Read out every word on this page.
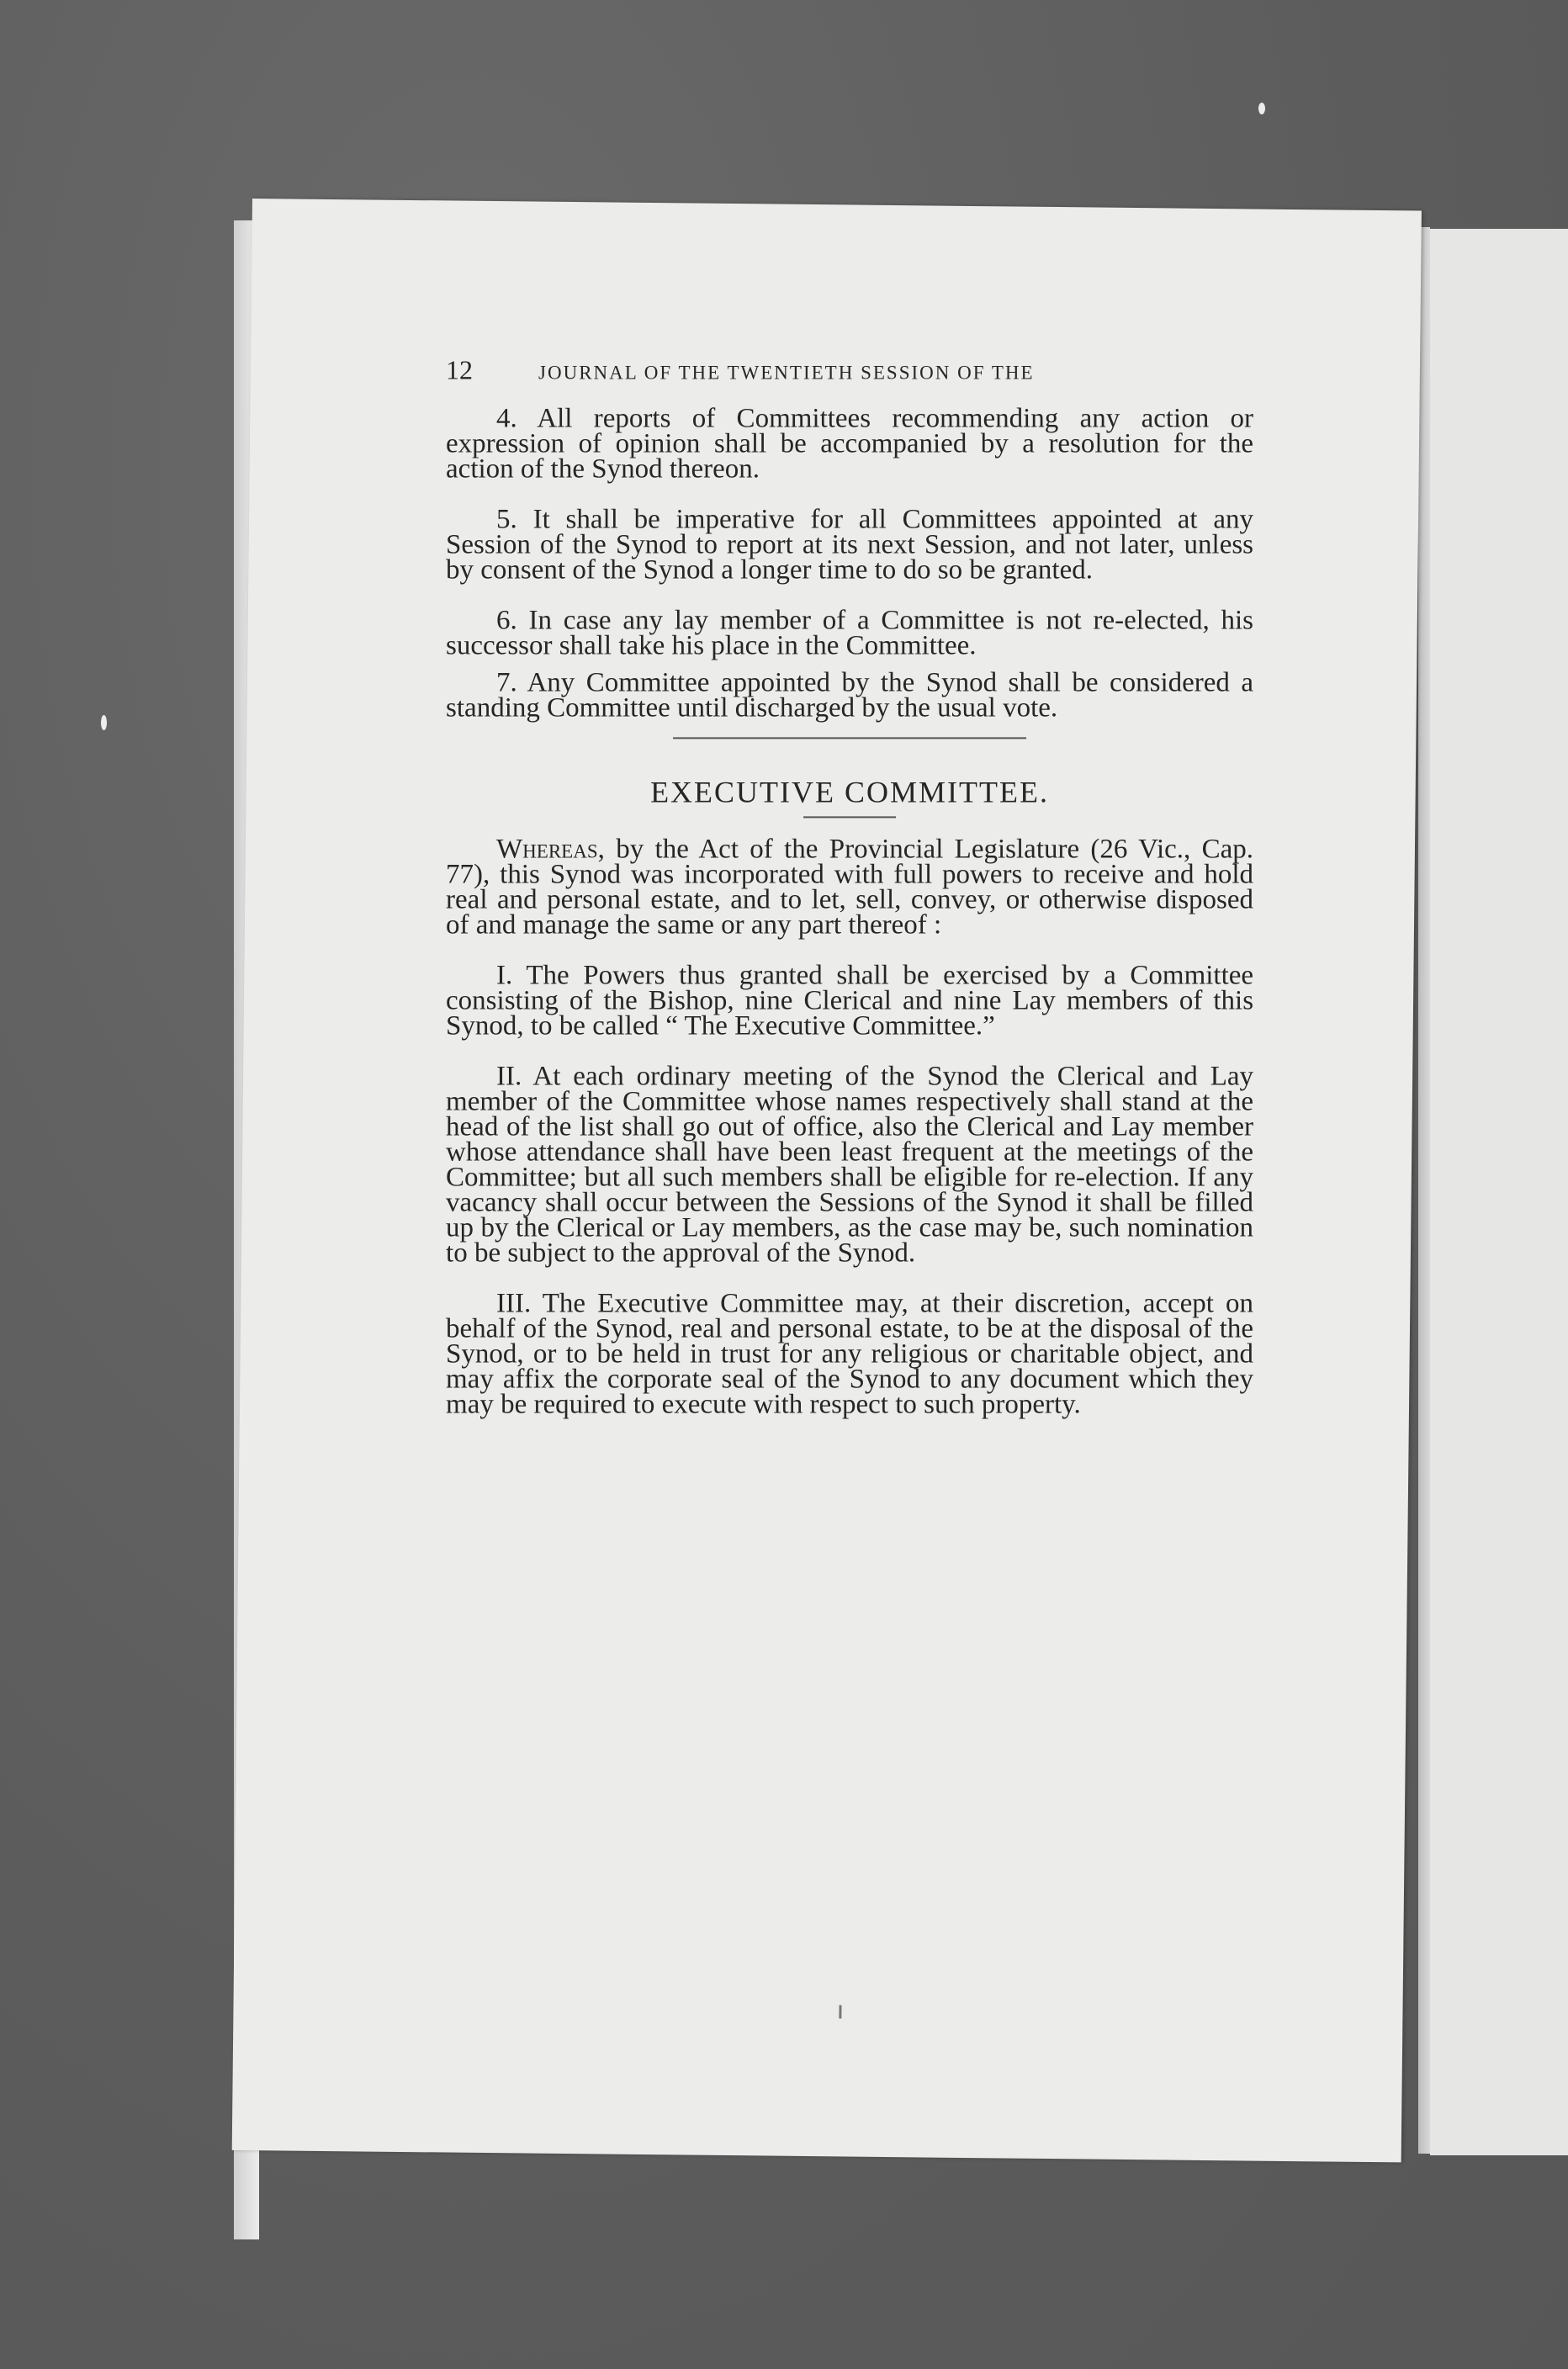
12	JOURNAL OF THE TWENTIETH SESSION OF THE

4. All reports of Committees recommending any action or expression of opinion shall be accompanied by a resolution for the action of the Synod thereon.

5. It shall be imperative for all Committees appointed at any Session of the Synod to report at its next Session, and not later, unless by consent of the Synod a longer time to do so be granted.

6. In case any lay member of a Committee is not re-elected, his successor shall take his place in the Committee.

7. Any Committee appointed by the Synod shall be considered a standing Committee until discharged by the usual vote.

EXECUTIVE COMMITTEE.

Whereas, by the Act of the Provincial Legislature (26 Vic., Cap. 77), this Synod was incorporated with full powers to receive and hold real and personal estate, and to let, sell, convey, or otherwise disposed of and manage the same or any part thereof :

I. The Powers thus granted shall be exercised by a Committee consisting of the Bishop, nine Clerical and nine Lay members of this Synod, to be called “ The Executive Committee.”

II. At each ordinary meeting of the Synod the Clerical and Lay member of the Committee whose names respectively shall stand at the head of the list shall go out of office, also the Clerical and Lay member whose attendance shall have been least frequent at the meetings of the Committee; but all such members shall be eligible for re-election. If any vacancy shall occur between the Sessions of the Synod it shall be filled up by the Clerical or Lay members, as the case may be, such nomination to be subject to the approval of the Synod.

III. The Executive Committee may, at their discretion, accept on behalf of the Synod, real and personal estate, to be at the disposal of the Synod, or to be held in trust for any religious or charitable object, and may affix the corporate seal of the Synod to any document which they may be required to execute with respect to such property.
